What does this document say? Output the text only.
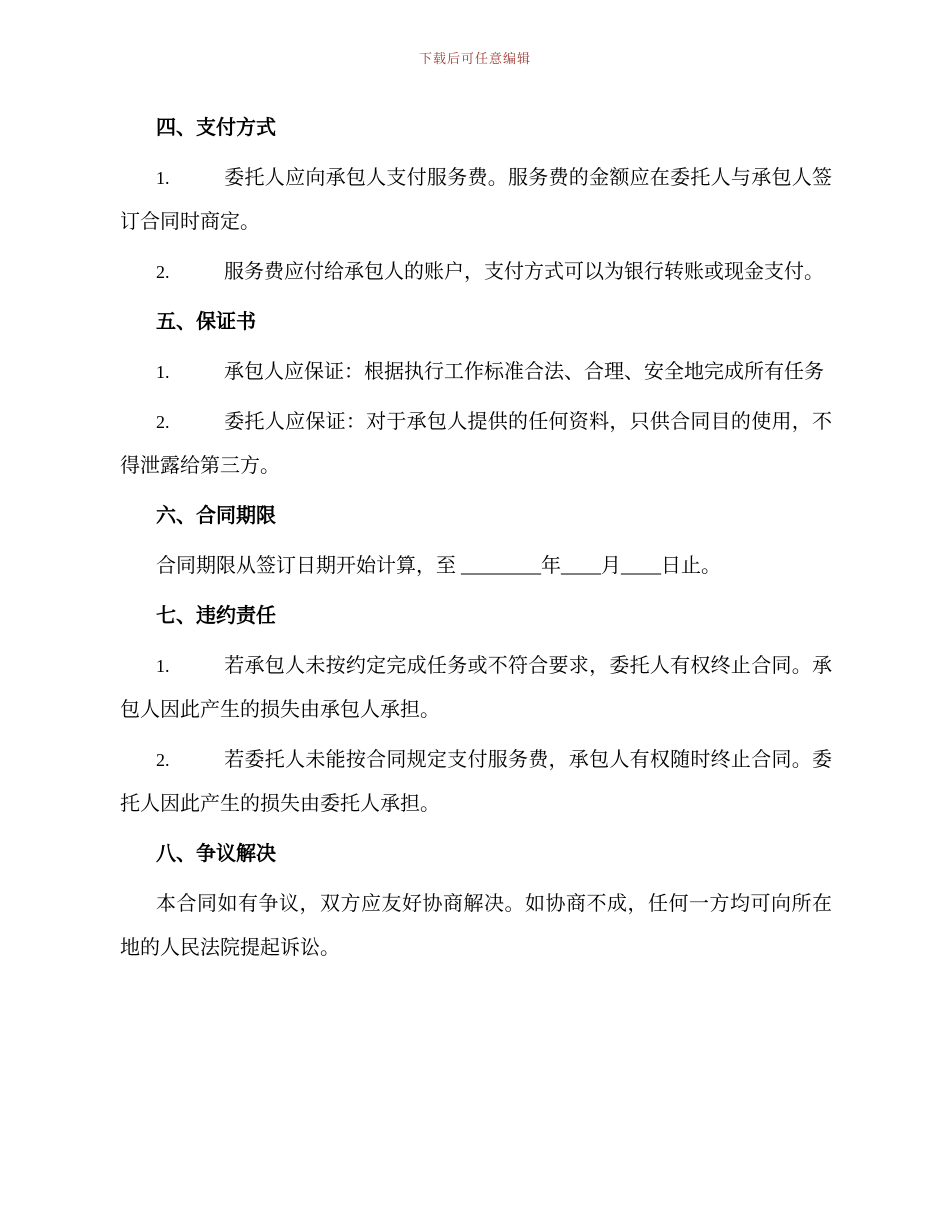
下载后可任意编辑
四、支付方式

1.	委托人应向承包人支付服务费。服务费的金额应在委托人与承包人签订合同时商定。

2.	服务费应付给承包人的账户，支付方式可以为银行转账或现金支付。

五、保证书

1.	承包人应保证：根据执行工作标准合法、合理、安全地完成所有任务

2.	委托人应保证：对于承包人提供的任何资料，只供合同目的使用，不得泄露给第三方。

六、合同期限

合同期限从签订日期开始计算，至 ________年____月____日止。

七、违约责任

1.	若承包人未按约定完成任务或不符合要求，委托人有权终止合同。承包人因此产生的损失由承包人承担。

2.	若委托人未能按合同规定支付服务费，承包人有权随时终止合同。委托人因此产生的损失由委托人承担。

八、争议解决

本合同如有争议，双方应友好协商解决。如协商不成，任何一方均可向所在地的人民法院提起诉讼。
